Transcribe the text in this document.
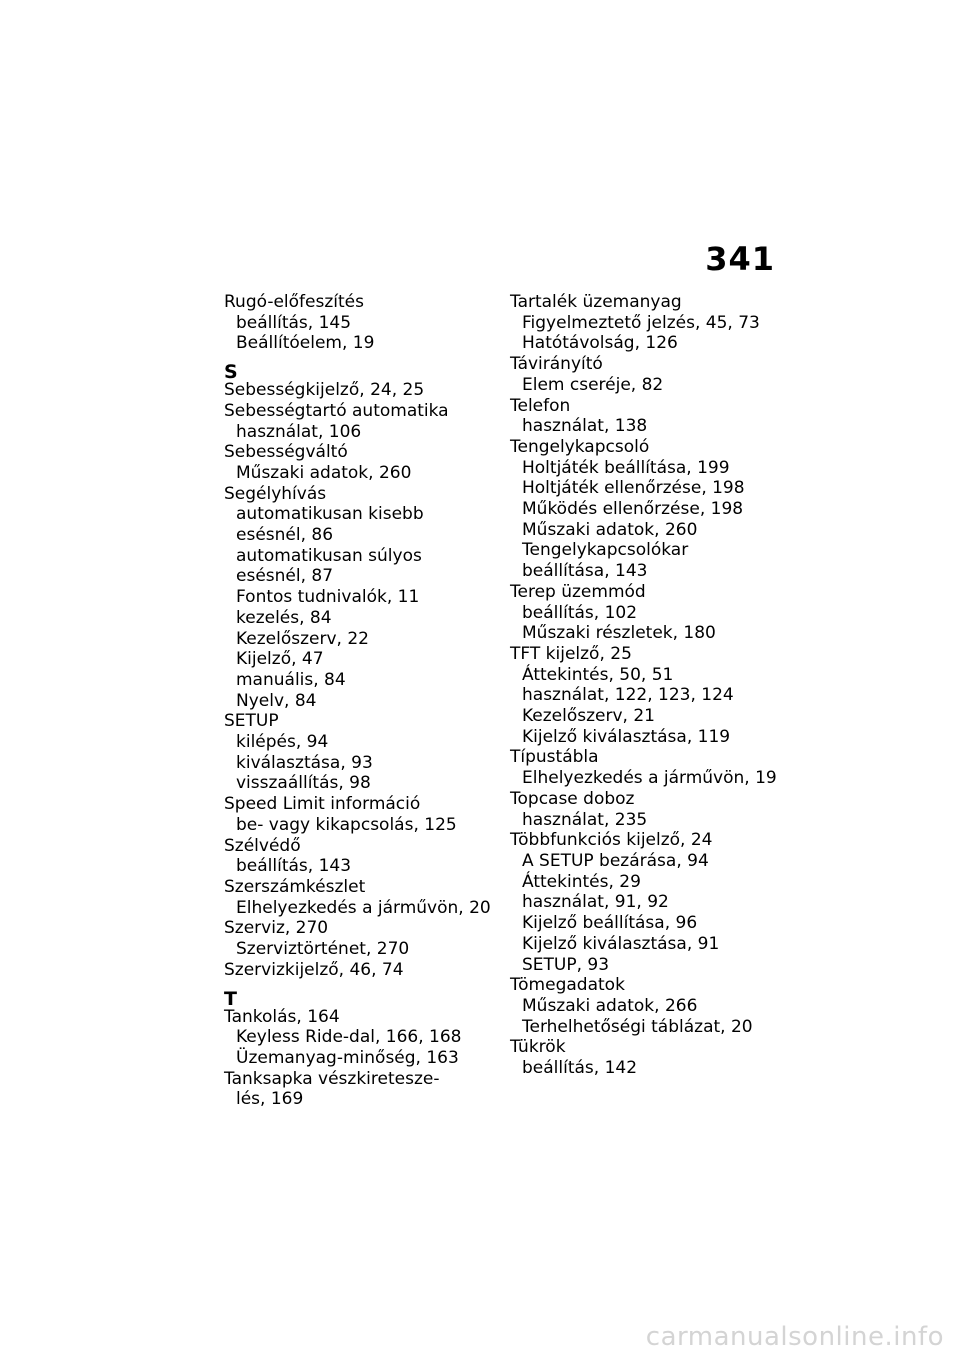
341
Rugó-előfeszítés
beállítás, 145
Beállítóelem, 19
S
Sebességkijelző, 24, 25
Sebességtartó automatika
használat, 106
Sebességváltó
Műszaki adatok, 260
Segélyhívás
automatikusan kisebb
esésnél, 86
automatikusan súlyos
esésnél, 87
Fontos tudnivalók, 11
kezelés, 84
Kezelőszerv, 22
Kijelző, 47
manuális, 84
Nyelv, 84
SETUP
kilépés, 94
kiválasztása, 93
visszaállítás, 98
Speed Limit információ
be- vagy kikapcsolás, 125
Szélvédő
beállítás, 143
Szerszámkészlet
Elhelyezkedés a járművön, 20
Szerviz, 270
Szerviztörténet, 270
Szervizkijelző, 46, 74
T
Tankolás, 164
Keyless Ride-dal, 166, 168
Üzemanyag-minőség, 163
Tanksapka vészkiretesze-
lés, 169
Tartalék üzemanyag
Figyelmeztető jelzés, 45, 73
Hatótávolság, 126
Távirányító
Elem cseréje, 82
Telefon
használat, 138
Tengelykapcsoló
Holtjáték beállítása, 199
Holtjáték ellenőrzése, 198
Működés ellenőrzése, 198
Műszaki adatok, 260
Tengelykapcsolókar
beállítása, 143
Terep üzemmód
beállítás, 102
Műszaki részletek, 180
TFT kijelző, 25
Áttekintés, 50, 51
használat, 122, 123, 124
Kezelőszerv, 21
Kijelző kiválasztása, 119
Típustábla
Elhelyezkedés a járművön, 19
Topcase doboz
használat, 235
Többfunkciós kijelző, 24
A SETUP bezárása, 94
Áttekintés, 29
használat, 91, 92
Kijelző beállítása, 96
Kijelző kiválasztása, 91
SETUP, 93
Tömegadatok
Műszaki adatok, 266
Terhelhetőségi táblázat, 20
Tükrök
beállítás, 142
carmanualsonline.info
